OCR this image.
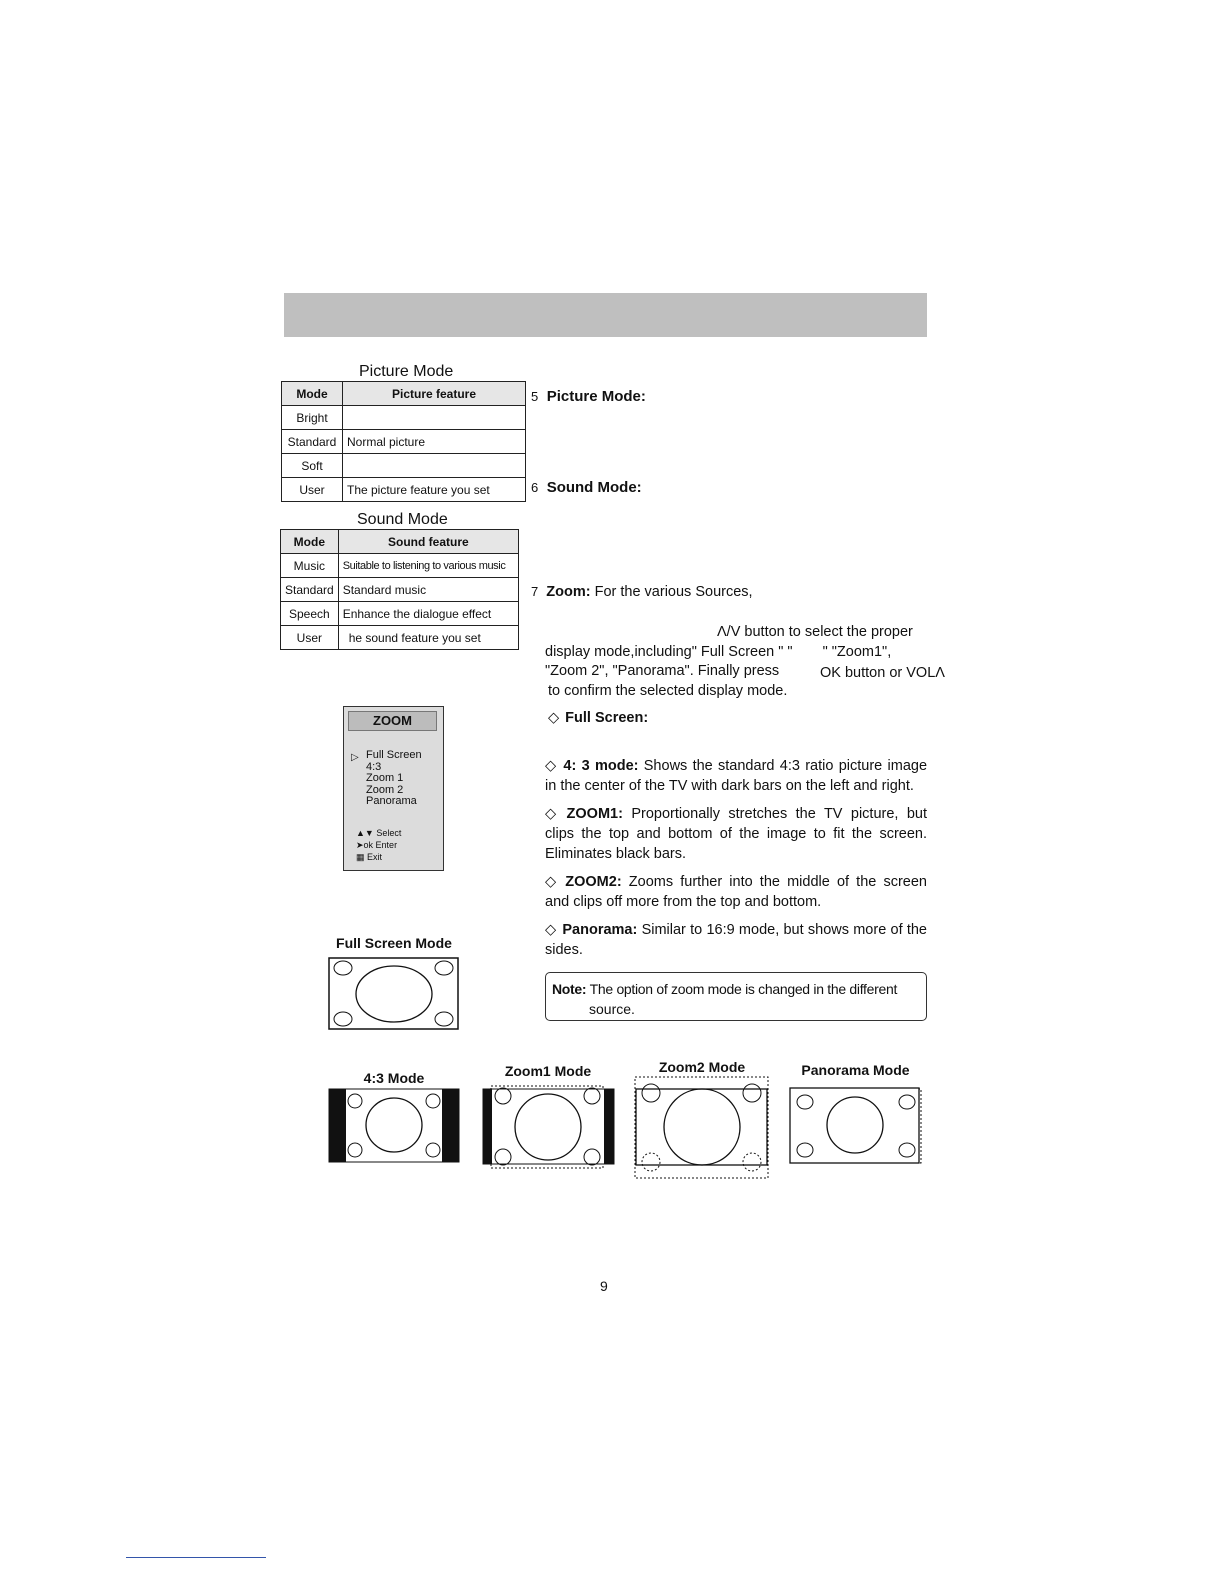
Picture Mode
Mode	Picture feature
Bright	
Standard	Normal picture
Soft	
User	The picture feature you set
Sound Mode
Mode	Sound feature
Music	Suitable to listening to various music
Standard	Standard music
Speech	Enhance the dialogue effect
User	he sound feature you set
5 Picture Mode:
6 Sound Mode:
7 Zoom: For the various Sources,
Λ/V button to select the proper
display mode,including" Full Screen " " " "Zoom1",
"Zoom 2", "Panorama". Finally press	OK button or VOLΛ
to confirm the selected display mode.
◇ Full Screen:
◇ 4: 3 mode: Shows the standard 4:3 ratio picture image in the center of the TV with dark bars on the left and right.
◇ ZOOM1: Proportionally stretches the TV picture, but clips the top and bottom of the image to fit the screen. Eliminates black bars.
◇ ZOOM2: Zooms further into the middle of the screen and clips off more from the top and bottom.
◇ Panorama: Similar to 16:9 mode, but shows more of the sides.
Note: The option of zoom mode is changed in the different
source.
ZOOM
▷ Full Screen
4:3
Zoom 1
Zoom 2
Panorama
▲▼ Select
➤ok Enter
▦ Exit
Full Screen Mode
4:3 Mode	Zoom1 Mode	Zoom2 Mode	Panorama Mode
9
